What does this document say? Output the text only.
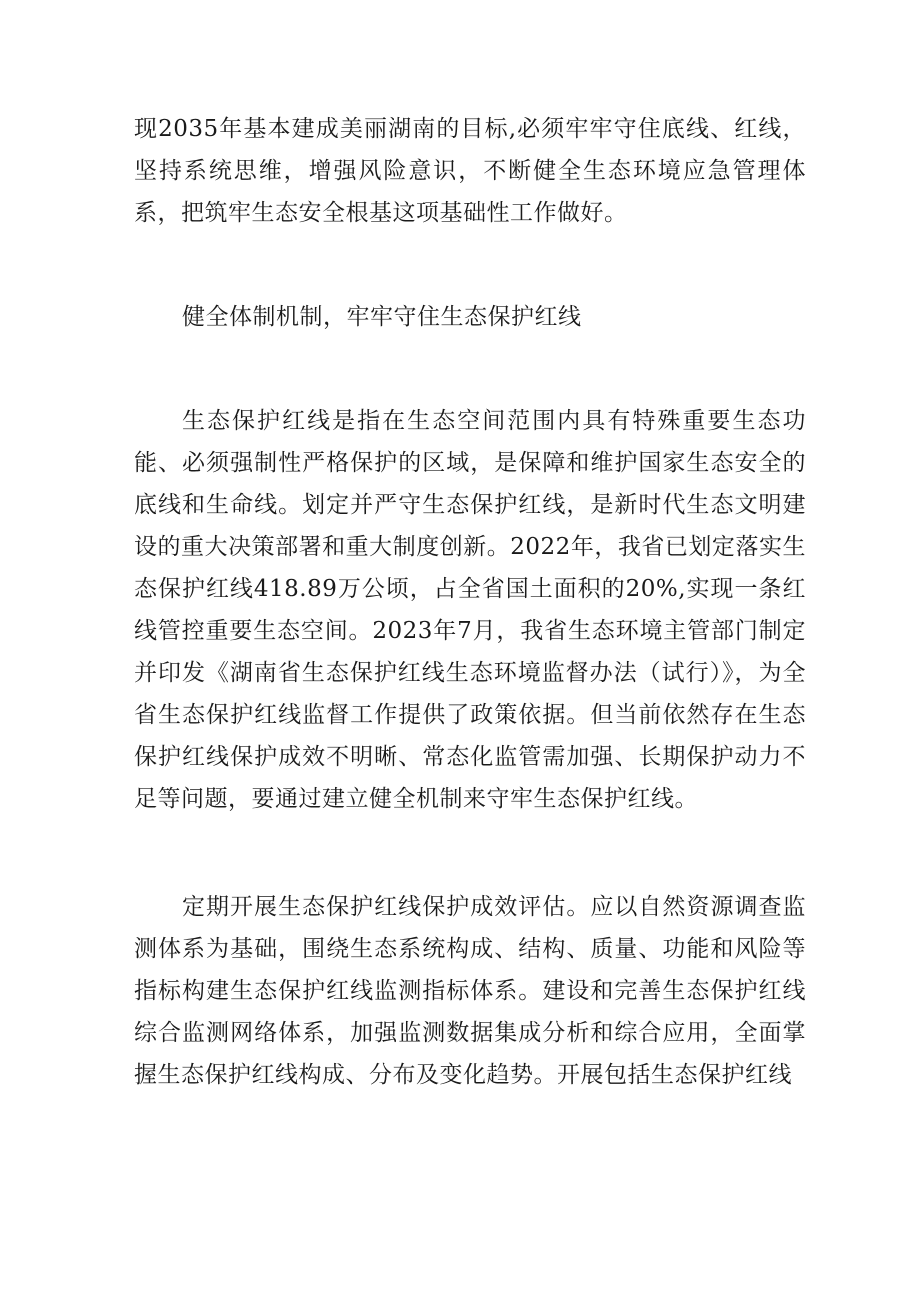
现2035年基本建成美丽湖南的目标,必须牢牢守住底线、红线，坚持系统思维，增强风险意识，不断健全生态环境应急管理体系，把筑牢生态安全根基这项基础性工作做好。

健全体制机制，牢牢守住生态保护红线

生态保护红线是指在生态空间范围内具有特殊重要生态功能、必须强制性严格保护的区域，是保障和维护国家生态安全的底线和生命线。划定并严守生态保护红线，是新时代生态文明建设的重大决策部署和重大制度创新。2022年，我省已划定落实生态保护红线418.89万公顷，占全省国土面积的20%,实现一条红线管控重要生态空间。2023年7月，我省生态环境主管部门制定并印发《湖南省生态保护红线生态环境监督办法（试行）》，为全省生态保护红线监督工作提供了政策依据。但当前依然存在生态保护红线保护成效不明晰、常态化监管需加强、长期保护动力不足等问题，要通过建立健全机制来守牢生态保护红线。

定期开展生态保护红线保护成效评估。应以自然资源调查监测体系为基础，围绕生态系统构成、结构、质量、功能和风险等指标构建生态保护红线监测指标体系。建设和完善生态保护红线综合监测网络体系，加强监测数据集成分析和综合应用，全面掌握生态保护红线构成、分布及变化趋势。开展包括生态保护红线
